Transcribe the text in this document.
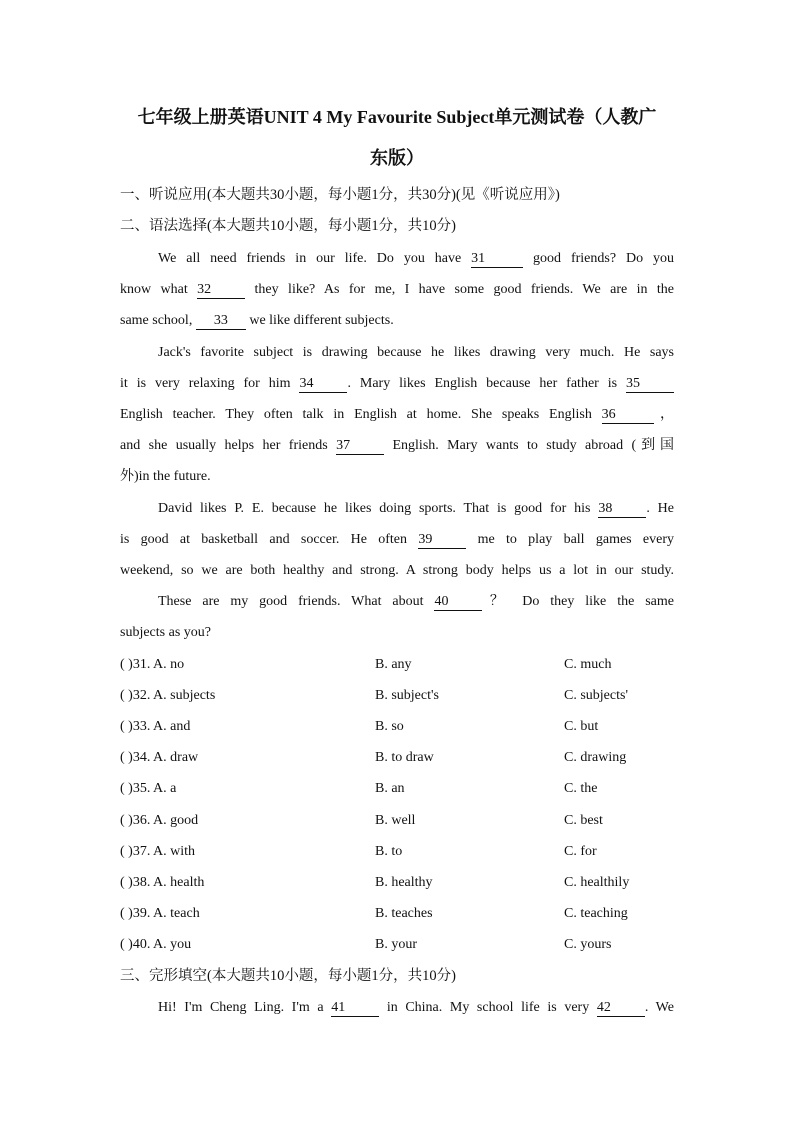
七年级上册英语UNIT 4 My Favourite Subject单元测试卷（人教广
东版）
一、听说应用(本大题共30小题，每小题1分，共30分)(见《听说应用》)
二、语法选择(本大题共10小题，每小题1分，共10分)
We all need friends in our life. Do you have 31	good friends? Do you
know what 32 they like? As for me, I have some good friends. We are in the
same school, 33 we like different subjects.
Jack's favorite subject is drawing because he likes drawing very much. He says
it is very relaxing for him 34 . Mary likes English because her father is 35
English teacher. They often talk in English at home. She speaks English 36	，
and she usually helps her friends 37 English. Mary wants to study abroad (到国
外)in the future.
David likes P. E. because he likes doing sports. That is good for his 38 . He
is good at basketball and soccer. He often 39 me to play ball games every
weekend, so we are both healthy and strong. A strong body helps us a lot in our study.
These are my good friends. What about 40 ？ Do they like the same
subjects as you?
( )31. A. no	B. any	C. much
( )32. A. subjects	B. subject's	C. subjects'
( )33. A. and	B. so	C. but
( )34. A. draw	B. to draw	C. drawing
( )35. A. a	B. an	C. the
( )36. A. good	B. well	C. best
( )37. A. with	B. to	C. for
( )38. A. health	B. healthy	C. healthily
( )39. A. teach	B. teaches	C. teaching
( )40. A. you	B. your	C. yours
三、完形填空(本大题共10小题，每小题1分，共10分)
Hi! I'm Cheng Ling. I'm a 41 in China. My school life is very 42 . We
